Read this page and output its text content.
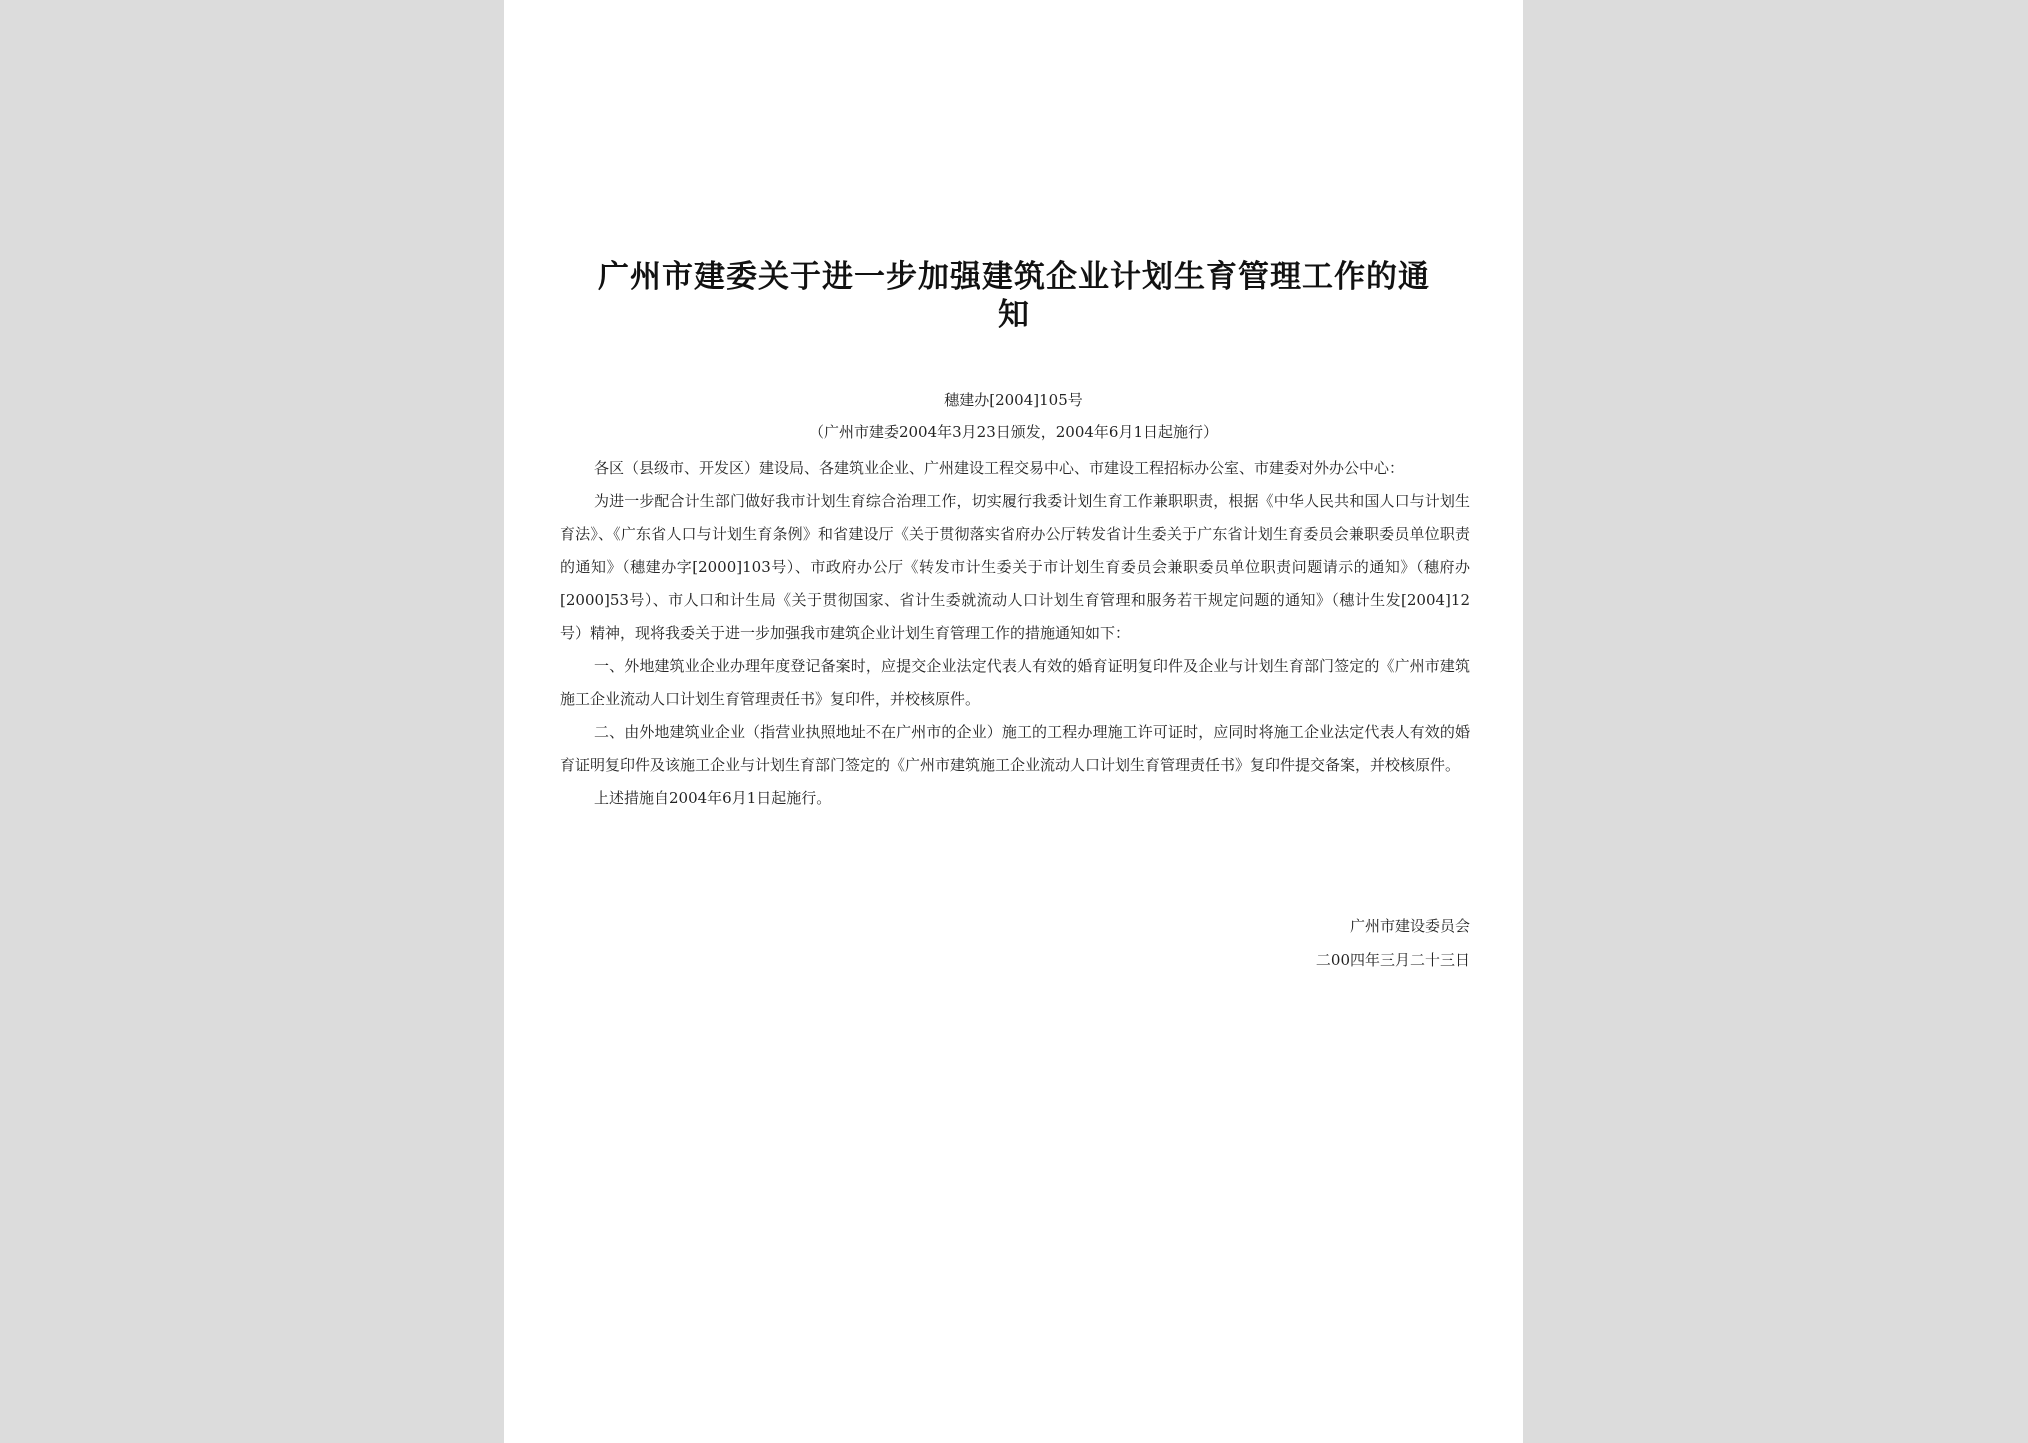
广州市建委关于进一步加强建筑企业计划生育管理工作的通知
穗建办[2004]105号
（广州市建委2004年3月23日颁发，2004年6月1日起施行）

各区（县级市、开发区）建设局、各建筑业企业、广州建设工程交易中心、市建设工程招标办公室、市建委对外办公中心：

为进一步配合计生部门做好我市计划生育综合治理工作，切实履行我委计划生育工作兼职职责，根据《中华人民共和国人口与计划生育法》、《广东省人口与计划生育条例》和省建设厅《关于贯彻落实省府办公厅转发省计生委关于广东省计划生育委员会兼职委员单位职责的通知》（穗建办字[2000]103号）、市政府办公厅《转发市计生委关于市计划生育委员会兼职委员单位职责问题请示的通知》（穗府办[2000]53号）、市人口和计生局《关于贯彻国家、省计生委就流动人口计划生育管理和服务若干规定问题的通知》（穗计生发[2004]12号）精神，现将我委关于进一步加强我市建筑企业计划生育管理工作的措施通知如下：

一、外地建筑业企业办理年度登记备案时，应提交企业法定代表人有效的婚育证明复印件及企业与计划生育部门签定的《广州市建筑施工企业流动人口计划生育管理责任书》复印件，并校核原件。

二、由外地建筑业企业（指营业执照地址不在广州市的企业）施工的工程办理施工许可证时，应同时将施工企业法定代表人有效的婚育证明复印件及该施工企业与计划生育部门签定的《广州市建筑施工企业流动人口计划生育管理责任书》复印件提交备案，并校核原件。

上述措施自2004年6月1日起施行。

广州市建设委员会
二00四年三月二十三日
